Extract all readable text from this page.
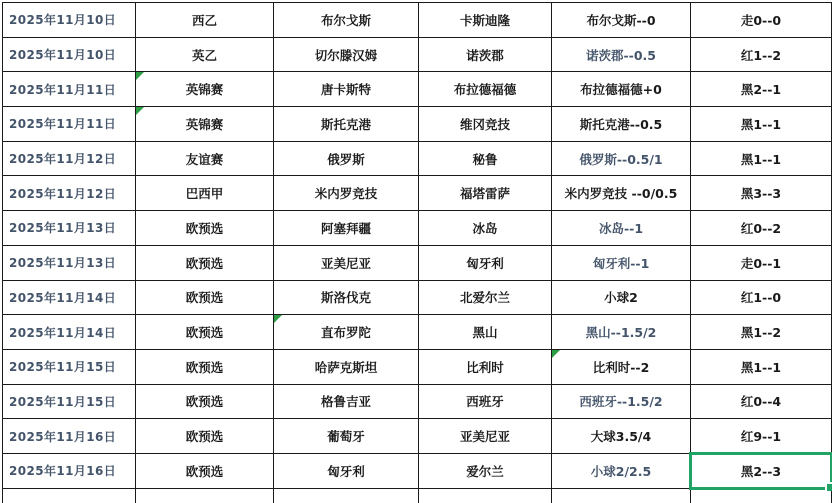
2025年11月10日	西乙	布尔戈斯	卡斯迪隆	布尔戈斯--0	走0--0
2025年11月10日	英乙	切尔滕汉姆	诺茨郡	诺茨郡--0.5	红1--2
2025年11月11日	英锦赛	唐卡斯特	布拉德福德	布拉德福德+0	黑2--1
2025年11月11日	英锦赛	斯托克港	维冈竞技	斯托克港--0.5	黑1--1
2025年11月12日	友谊赛	俄罗斯	秘鲁	俄罗斯--0.5/1	黑1--1
2025年11月12日	巴西甲	米内罗竞技	福塔雷萨	米内罗竞技 --0/0.5	黑3--3
2025年11月13日	欧预选	阿塞拜疆	冰岛	冰岛--1	红0--2
2025年11月13日	欧预选	亚美尼亚	匈牙利	匈牙利--1	走0--1
2025年11月14日	欧预选	斯洛伐克	北爱尔兰	小球2	红1--0
2025年11月14日	欧预选	直布罗陀	黑山	黑山--1.5/2	黑1--2
2025年11月15日	欧预选	哈萨克斯坦	比利时	比利时--2	黑1--1
2025年11月15日	欧预选	格鲁吉亚	西班牙	西班牙--1.5/2	红0--4
2025年11月16日	欧预选	葡萄牙	亚美尼亚	大球3.5/4	红9--1
2025年11月16日	欧预选	匈牙利	爱尔兰	小球2/2.5	黑2--3
